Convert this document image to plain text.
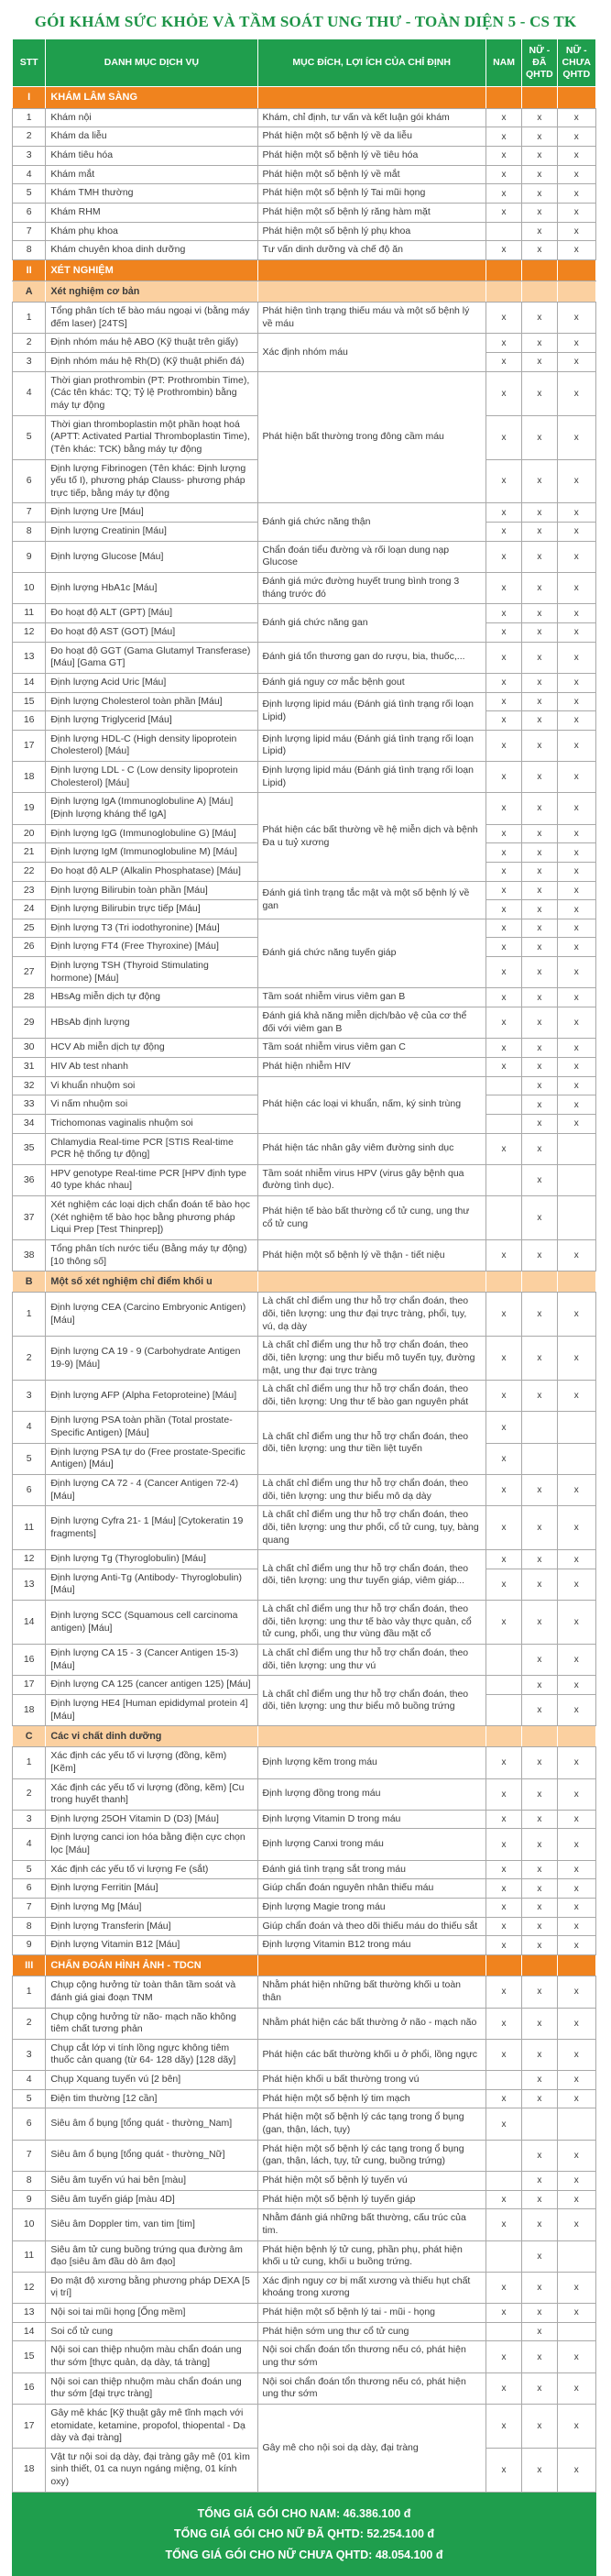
GÓI KHÁM SỨC KHỎE VÀ TẦM SOÁT UNG THƯ - TOÀN DIỆN 5 - CS TK
STT	DANH MỤC DỊCH VỤ	MỤC ĐÍCH, LỢI ÍCH CỦA CHỈ ĐỊNH	NAM	NỮ - ĐÃ QHTD	NỮ - CHƯA QHTD
I	KHÁM LÂM SÀNG				
1	Khám nội	Khám, chỉ định, tư vấn và kết luận gói khám	x	x	x
2	Khám da liễu	Phát hiện một số bệnh lý về da liễu	x	x	x
3	Khám tiêu hóa	Phát hiện một số bệnh lý về tiêu hóa	x	x	x
4	Khám mắt	Phát hiện một số bệnh lý về mắt	x	x	x
5	Khám TMH thường	Phát hiện một số bệnh lý Tai mũi họng	x	x	x
6	Khám RHM	Phát hiện một số bệnh lý răng hàm mặt	x	x	x
7	Khám phụ khoa	Phát hiện một số bệnh lý phụ khoa		x	x
8	Khám chuyên khoa dinh dưỡng	Tư vấn dinh dưỡng và chế độ ăn	x	x	x
II	XÉT NGHIỆM				
A	Xét nghiệm cơ bản				
1	Tổng phân tích tế bào máu ngoại vi (bằng máy đếm laser) [24TS]	Phát hiện tình trạng thiếu máu và một số bệnh lý về máu	x	x	x
2	Định nhóm máu hệ ABO (Kỹ thuật trên giấy)	Xác định nhóm máu	x	x	x
3	Định nhóm máu hệ Rh(D) (Kỹ thuật phiến đá)		x	x	x
4	Thời gian prothrombin (PT: Prothrombin Time), (Các tên khác: TQ; Tỷ lệ Prothrombin) bằng máy tự động	Phát hiện bất thường trong đông cầm máu	x	x	x
5	Thời gian thromboplastin một phần hoạt hoá (APTT: Activated Partial Thromboplastin Time), (Tên khác: TCK) bằng máy tự động		x	x	x
6	Định lượng Fibrinogen (Tên khác: Định lượng yếu tố I), phương pháp Clauss- phương pháp trực tiếp, bằng máy tự động		x	x	x
7	Định lượng Ure [Máu]	Đánh giá chức năng thận	x	x	x
8	Định lượng Creatinin [Máu]		x	x	x
9	Định lượng Glucose [Máu]	Chẩn đoán tiểu đường và rối loạn dung nạp Glucose	x	x	x
10	Định lượng HbA1c [Máu]	Đánh giá mức đường huyết trung bình trong 3 tháng trước đó	x	x	x
11	Đo hoạt độ ALT (GPT) [Máu]	Đánh giá chức năng gan	x	x	x
12	Đo hoạt độ AST (GOT) [Máu]		x	x	x
13	Đo hoạt độ GGT (Gama Glutamyl Transferase) [Máu] [Gama GT]	Đánh giá tổn thương gan do rượu, bia, thuốc,...	x	x	x
14	Định lượng Acid Uric [Máu]	Đánh giá nguy cơ mắc bệnh gout	x	x	x
15	Định lượng Cholesterol toàn phần [Máu]	Định lượng lipid máu (Đánh giá tình trạng rối loạn Lipid)	x	x	x
16	Định lượng Triglycerid [Máu]		x	x	x
17	Định lượng HDL-C (High density lipoprotein Cholesterol) [Máu]	Định lượng lipid máu (Đánh giá tình trạng rối loạn Lipid)	x	x	x
18	Định lượng LDL - C (Low density lipoprotein Cholesterol) [Máu]	Định lượng lipid máu (Đánh giá tình trạng rối loạn Lipid)	x	x	x
19	Định lượng IgA (Immunoglobuline A) [Máu] [Định lượng kháng thể IgA]	Phát hiện các bất thường về hệ miễn dịch và bệnh Đa u tuỷ xương	x	x	x
20	Định lượng IgG (Immunoglobuline G) [Máu]		x	x	x
21	Định lượng IgM (Immunoglobuline M) [Máu]		x	x	x
22	Đo hoạt độ ALP (Alkalin Phosphatase) [Máu]		x	x	x
23	Định lượng Bilirubin toàn phần [Máu]	Đánh giá tình trạng tắc mật và một số bệnh lý về gan	x	x	x
24	Định lượng Bilirubin trực tiếp [Máu]		x	x	x
25	Định lượng T3 (Tri iodothyronine) [Máu]	Đánh giá chức năng tuyến giáp	x	x	x
26	Định lượng FT4 (Free Thyroxine) [Máu]		x	x	x
27	Định lượng TSH (Thyroid Stimulating hormone) [Máu]		x	x	x
28	HBsAg miễn dịch tự động	Tầm soát nhiễm virus viêm gan B	x	x	x
29	HBsAb định lượng	Đánh giá khả năng miễn dịch/bảo vệ của cơ thể đối với viêm gan B	x	x	x
30	HCV Ab miễn dịch tự động	Tầm soát nhiễm virus viêm gan C	x	x	x
31	HIV Ab test nhanh	Phát hiện nhiễm HIV	x	x	x
32	Vi khuẩn nhuộm soi	Phát hiện các loại vi khuẩn, nấm, ký sinh trùng		x	x
33	Vi nấm nhuộm soi			x	x
34	Trichomonas vaginalis nhuộm soi			x	x
35	Chlamydia Real-time PCR [STIS Real-time PCR hệ thống tự động]	Phát hiện tác nhân gây viêm đường sinh dục	x	x	
36	HPV genotype Real-time PCR [HPV định type 40 type khác nhau]	Tầm soát nhiễm virus HPV (virus gây bệnh qua đường tình dục).		x	
37	Xét nghiệm các loại dịch chẩn đoán tế bào học (Xét nghiệm tế bào học bằng phương pháp Liqui Prep [Test Thinprep])	Phát hiện tế bào bất thường cổ tử cung, ung thư cổ tử cung		x	
38	Tổng phân tích nước tiểu (Bằng máy tự động) [10 thông số]	Phát hiện một số bệnh lý về thận - tiết niệu	x	x	x
B	Một số xét nghiệm chỉ điểm khối u				
1	Định lượng CEA (Carcino Embryonic Antigen) [Máu]	Là chất chỉ điểm ung thư hỗ trợ chẩn đoán, theo dõi, tiên lượng: ung thư đại trực tràng, phổi, tụy, vú, dạ dày	x	x	x
2	Định lượng CA 19 - 9 (Carbohydrate Antigen 19-9) [Máu]	Là chất chỉ điểm ung thư hỗ trợ chẩn đoán, theo dõi, tiên lượng: ung thư biểu mô tuyến tụy, đường mật, ung thư đại trực tràng	x	x	x
3	Định lượng AFP (Alpha Fetoproteine) [Máu]	Là chất chỉ điểm ung thư hỗ trợ chẩn đoán, theo dõi, tiên lượng: Ung thư tế bào gan nguyên phát	x	x	x
4	Định lượng PSA toàn phần (Total prostate-Specific Antigen) [Máu]	Là chất chỉ điểm ung thư hỗ trợ chẩn đoán, theo dõi, tiên lượng: ung thư tiền liệt tuyến	x		
5	Định lượng PSA tự do (Free prostate-Specific Antigen) [Máu]		x		
6	Định lượng CA 72 - 4 (Cancer Antigen 72-4) [Máu]	Là chất chỉ điểm ung thư hỗ trợ chẩn đoán, theo dõi, tiên lượng: ung thư biểu mô dạ dày	x	x	x
11	Định lượng Cyfra 21- 1 [Máu] [Cytokeratin 19 fragments]	Là chất chỉ điểm ung thư hỗ trợ chẩn đoán, theo dõi, tiên lượng: ung thư phổi, cổ tử cung, tụy, bàng quang	x	x	x
12	Định lượng Tg (Thyroglobulin) [Máu]	Là chất chỉ điểm ung thư hỗ trợ chẩn đoán, theo dõi, tiên lượng: ung thư tuyến giáp, viêm giáp...	x	x	x
13	Định lượng Anti-Tg (Antibody- Thyroglobulin) [Máu]		x	x	x
14	Định lượng SCC (Squamous cell carcinoma antigen) [Máu]	Là chất chỉ điểm ung thư hỗ trợ chẩn đoán, theo dõi, tiên lượng: ung thư tế bào vảy thực quản, cổ tử cung, phổi, ung thư vùng đầu mặt cổ	x	x	x
16	Định lượng CA 15 - 3 (Cancer Antigen 15-3) [Máu]	Là chất chỉ điểm ung thư hỗ trợ chẩn đoán, theo dõi, tiên lượng: ung thư vú		x	x
17	Định lượng CA 125 (cancer antigen 125) [Máu]	Là chất chỉ điểm ung thư hỗ trợ chẩn đoán, theo dõi, tiên lượng: ung thư biểu mô buồng trứng		x	x
18	Định lượng HE4 [Human epididymal protein 4] [Máu]			x	x
C	Các vi chất dinh dưỡng				
1	Xác định các yếu tố vi lượng (đồng, kẽm) [Kẽm]	Định lượng kẽm trong máu	x	x	x
2	Xác định các yếu tố vi lượng (đồng, kẽm) [Cu trong huyết thanh]	Định lượng đồng trong máu	x	x	x
3	Định lượng 25OH Vitamin D (D3) [Máu]	Định lượng Vitamin D trong máu	x	x	x
4	Định lượng canci ion hóa bằng điện cực chọn lọc [Máu]	Định lượng Canxi trong máu	x	x	x
5	Xác định các yếu tố vi lượng Fe (sắt)	Đánh giá tình trạng sắt trong máu	x	x	x
6	Định lượng Ferritin [Máu]	Giúp chẩn đoán nguyên nhân thiếu máu	x	x	x
7	Định lượng Mg [Máu]	Định lượng Magie trong máu	x	x	x
8	Định lượng Transferin [Máu]	Giúp chẩn đoán và theo dõi thiếu máu do thiếu sắt	x	x	x
9	Định lượng Vitamin B12 [Máu]	Định lượng Vitamin B12 trong máu	x	x	x
III	CHẨN ĐOÁN HÌNH ẢNH - TDCN				
1	Chụp cộng hưởng từ toàn thân tầm soát và đánh giá giai đoạn TNM	Nhằm phát hiện những bất thường khối u toàn thân	x	x	x
2	Chụp cộng hưởng từ não- mạch não không tiêm chất tương phản	Nhằm phát hiện các bất thường ở não - mạch não	x	x	x
3	Chụp cắt lớp vi tính lồng ngực không tiêm thuốc cản quang (từ 64- 128 dãy) [128 dãy]	Phát hiện các bất thường khối u ở phổi, lồng ngực	x	x	x
4	Chụp Xquang tuyến vú [2 bên]	Phát hiện khối u bất thường trong vú		x	x
5	Điện tim thường [12 cần]	Phát hiện một số bệnh lý tim mạch	x	x	x
6	Siêu âm ổ bụng [tổng quát - thường_Nam]	Phát hiện một số bệnh lý các tạng trong ổ bụng (gan, thận, lách, tụy)	x		
7	Siêu âm ổ bụng [tổng quát - thường_Nữ]	Phát hiện một số bệnh lý các tạng trong ổ bụng (gan, thận, lách, tụy, tử cung, buồng trứng)		x	x
8	Siêu âm tuyến vú hai bên [màu]	Phát hiện một số bệnh lý tuyến vú		x	x
9	Siêu âm tuyến giáp [màu 4D]	Phát hiện một số bệnh lý tuyến giáp	x	x	x
10	Siêu âm Doppler tim, van tim [tim]	Nhằm đánh giá những bất thường, cấu trúc của tim.	x	x	x
11	Siêu âm tử cung buồng trứng qua đường âm đạo [siêu âm đầu dò âm đạo]	Phát hiện bệnh lý tử cung, phần phụ, phát hiện khối u tử cung, khối u buồng trứng.		x	
12	Đo mật độ xương bằng phương pháp DEXA [5 vị trí]	Xác định nguy cơ bị mất xương và thiếu hụt chất khoáng trong xương	x	x	x
13	Nội soi tai mũi họng [Ống mềm]	Phát hiện một số bệnh lý tai - mũi - họng	x	x	x
14	Soi cổ tử cung	Phát hiện sớm ung thư cổ tử cung		x	
15	Nội soi can thiệp nhuộm màu chẩn đoán ung thư sớm [thực quản, dạ dày, tá tràng]	Nội soi chẩn đoán tổn thương nếu có, phát hiện ung thư sớm	x	x	x
16	Nội soi can thiệp nhuộm màu chẩn đoán ung thư sớm [đại trực tràng]	Nội soi chẩn đoán tổn thương nếu có, phát hiện ung thư sớm	x	x	x
17	Gây mê khác [Kỹ thuật gây mê tĩnh mạch với etomidate, ketamine, propofol, thiopental - Dạ dày và đại tràng]	Gây mê cho nội soi dạ dày, đại tràng	x	x	x
18	Vật tư nội soi dạ dày, đại tràng gây mê (01 kìm sinh thiết, 01 ca nuyn ngáng miệng, 01 kính oxy)		x	x	x
TỔNG GIÁ GÓI CHO NAM: 46.386.100 đ
TỔNG GIÁ GÓI CHO NỮ ĐÃ QHTD: 52.254.100 đ
TỔNG GIÁ GÓI CHO NỮ CHƯA QHTD: 48.054.100 đ
